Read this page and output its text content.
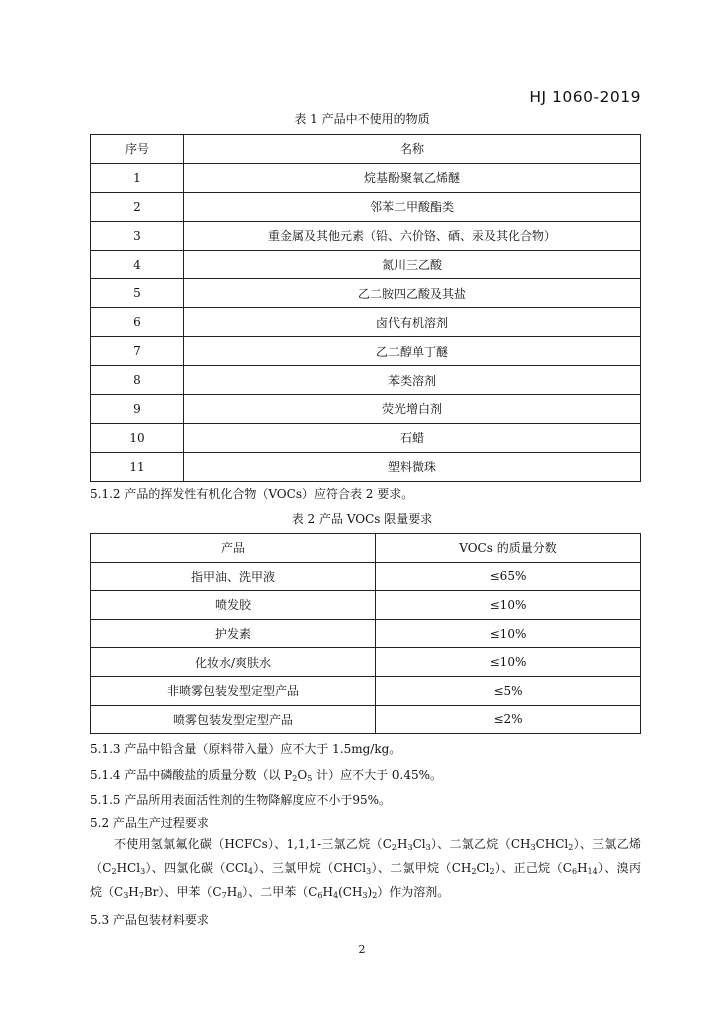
HJ 1060-2019
表 1 产品中不使用的物质
序号	名称
1	烷基酚聚氧乙烯醚
2	邻苯二甲酸酯类
3	重金属及其他元素（铅、六价铬、硒、汞及其化合物）
4	氮川三乙酸
5	乙二胺四乙酸及其盐
6	卤代有机溶剂
7	乙二醇单丁醚
8	苯类溶剂
9	荧光增白剂
10	石蜡
11	塑料微珠
5.1.2 产品的挥发性有机化合物（VOCs）应符合表 2 要求。
表 2 产品 VOCs 限量要求
产品	VOCs 的质量分数
指甲油、洗甲液	≤65%
喷发胶	≤10%
护发素	≤10%
化妆水/爽肤水	≤10%
非喷雾包装发型定型产品	≤5%
喷雾包装发型定型产品	≤2%
5.1.3 产品中铅含量（原料带入量）应不大于 1.5mg/kg。
5.1.4 产品中磷酸盐的质量分数（以 $P_2O_5$ 计）应不大于 0.45%。
5.1.5 产品所用表面活性剂的生物降解度应不小于95%。
5.2 产品生产过程要求
不使用氢氯氟化碳（HCFCs）、1,1,1-三氯乙烷$(C_2H_3Cl_3)$、二氯乙烷$(CH_3CHCl_2)$、三氯乙烯$(C_2HCl_3)$、四氯化碳（CCl$_4$）、三氯甲烷（CHCl$_3$）、二氯甲烷$(CH_2Cl_2)$、正己烷$(C_6H_{14})$、溴丙烷$(C_3H_7Br)$、甲苯$(C_7H_8)$、二甲苯$(C_6H_4(CH_3)_2)$作为溶剂。
5.3 产品包装材料要求
2
